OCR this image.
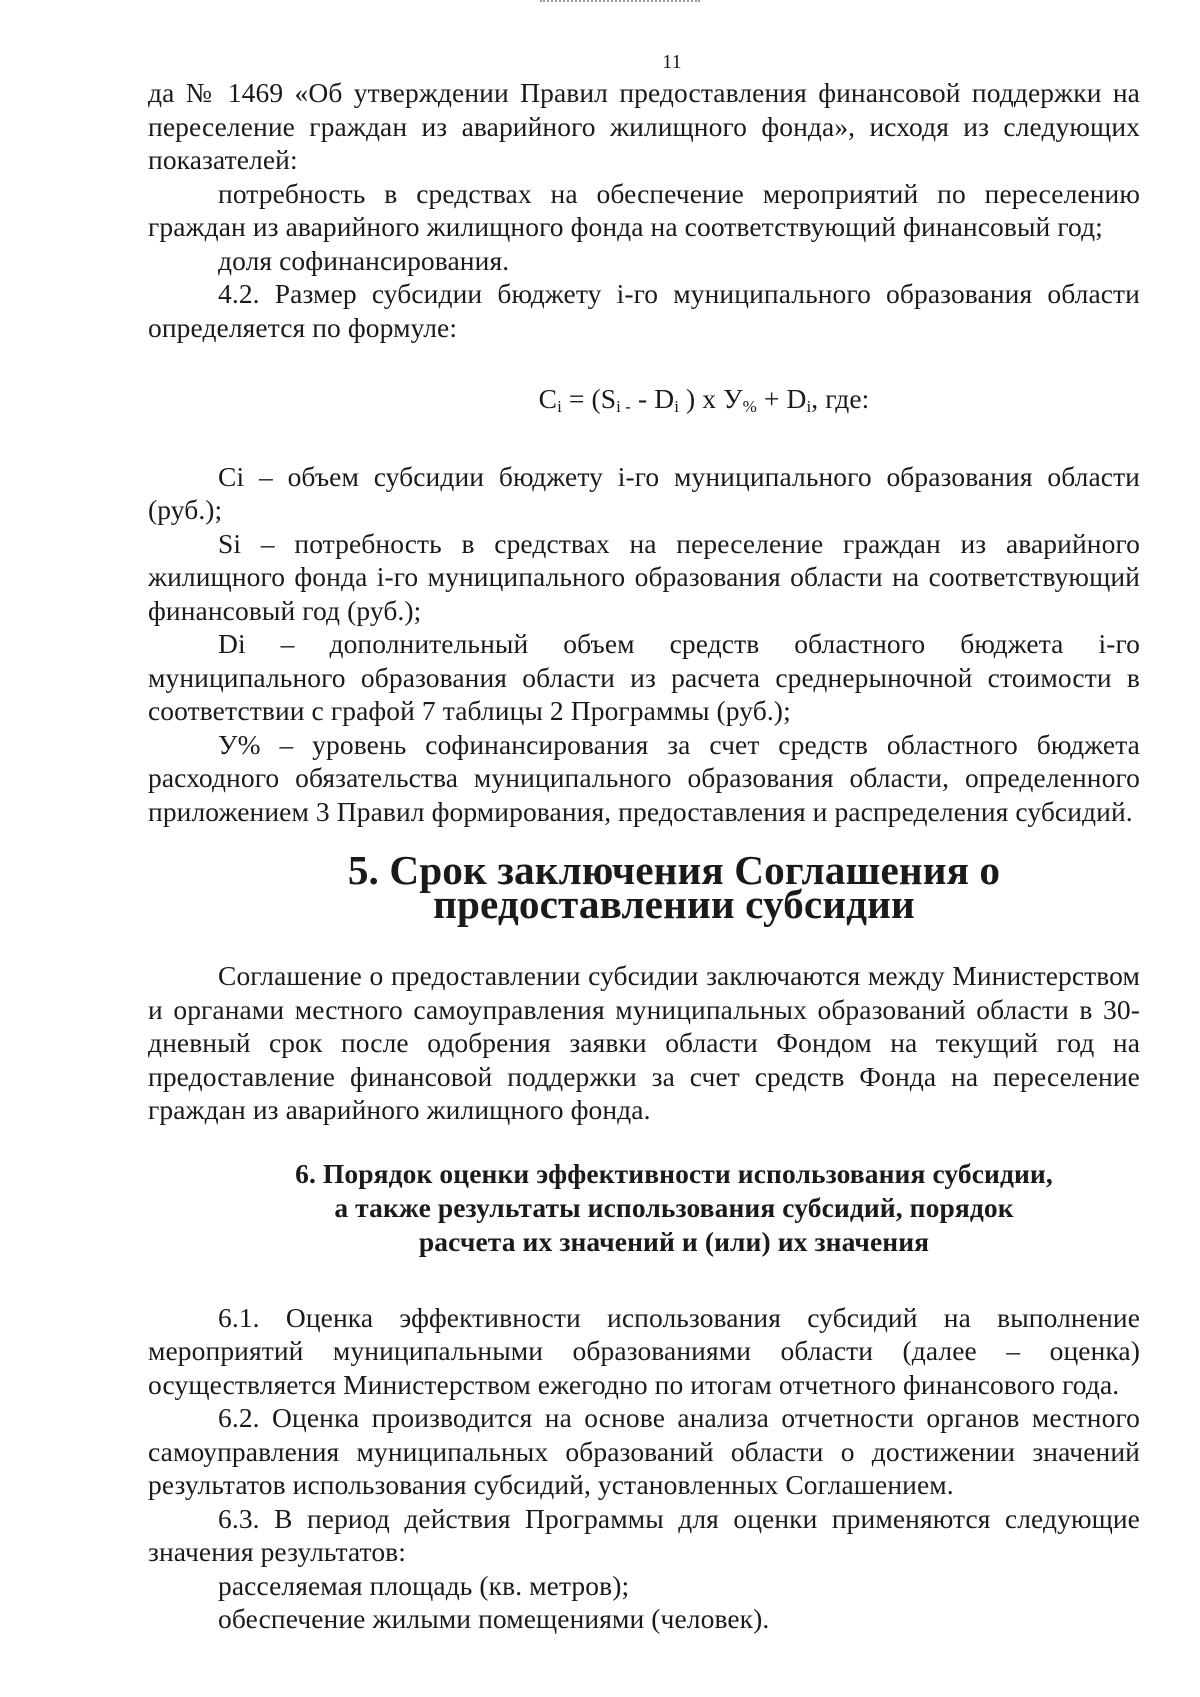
11

да № 1469 «Об утверждении Правил предоставления финансовой поддержки на переселение граждан из аварийного жилищного фонда», исходя из следующих показателей:

потребность в средствах на обеспечение мероприятий по переселению граждан из аварийного жилищного фонда на соответствующий финансовый год;

доля софинансирования.

4.2. Размер субсидии бюджету i-го муниципального образования области определяется по формуле:

$C_i = (S_{i -} - D_i$ ) х $У_{\%} + D_i$, где:

Ci – объем субсидии бюджету i-го муниципального образования области (руб.);

Si – потребность в средствах на переселение граждан из аварийного жилищного фонда i-го муниципального образования области на соответствующий финансовый год (руб.);

Di – дополнительный объем средств областного бюджета i-го муниципального образования области из расчета среднерыночной стоимости в соответствии с графой 7 таблицы 2 Программы (руб.);

У% – уровень софинансирования за счет средств областного бюджета расходного обязательства муниципального образования области, определенного приложением 3 Правил формирования, предоставления и распределения субсидий.

5. Срок заключения Соглашения о предоставлении субсидии

Соглашение о предоставлении субсидии заключаются между Министерством и органами местного самоуправления муниципальных образований области в 30-дневный срок после одобрения заявки области Фондом на текущий год на предоставление финансовой поддержки за счет средств Фонда на переселение граждан из аварийного жилищного фонда.

6. Порядок оценки эффективности использования субсидии,
а также результаты использования субсидий, порядок
расчета их значений и (или) их значения

6.1. Оценка эффективности использования субсидий на выполнение мероприятий муниципальными образованиями области (далее – оценка) осуществляется Министерством ежегодно по итогам отчетного финансового года.

6.2. Оценка производится на основе анализа отчетности органов местного самоуправления муниципальных образований области о достижении значений результатов использования субсидий, установленных Соглашением.

6.3. В период действия Программы для оценки применяются следующие значения результатов:

расселяемая площадь (кв. метров);

обеспечение жилыми помещениями (человек).
